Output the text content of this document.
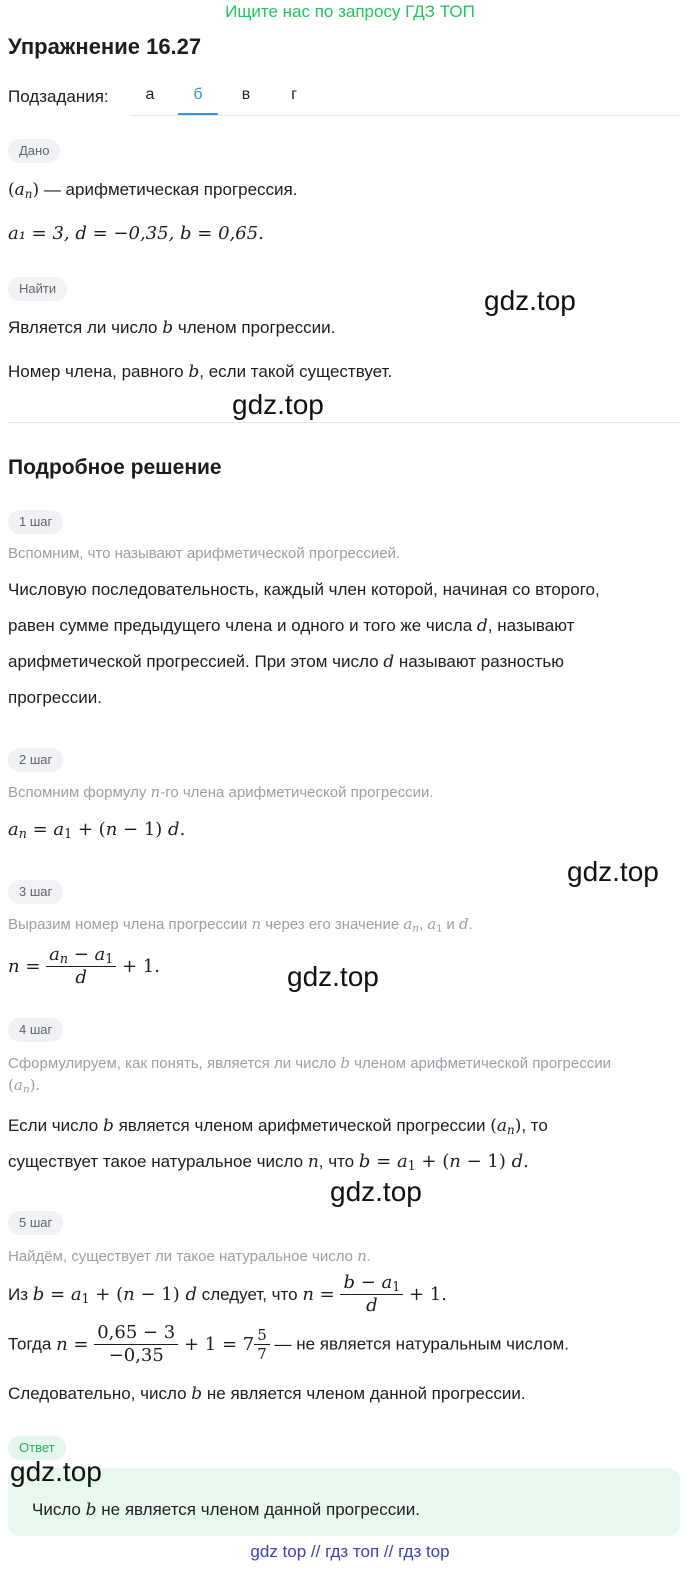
Ищите нас по запросу ГДЗ ТОП
Упражнение 16.27
Подзадания:	а	б	в	г
Дано
$(a_n)$ — арифметическая прогрессия.
a₁ = 3, d = −0,35, b = 0,65.
Найти
Является ли число b членом прогрессии.
Номер члена, равного b, если такой существует.
Подробное решение
1 шаг
Вспомним, что называют арифметической прогрессией.
Числовую последовательность, каждый член которой, начиная со второго,
равен сумме предыдущего члена и одного и того же числа d, называют
арифметической прогрессией. При этом число d называют разностью
прогрессии.
2 шаг
Вспомним формулу n-го члена арифметической прогрессии.
$a_n = a_1 + (n - 1)$ d.
3 шаг
Выразим номер члена прогрессии n через его значение $a_n$, $a_1$ и d.
$n = \frac{a_n - a_1}{d} + 1$.
4 шаг
Сформулируем, как понять, является ли число b членом арифметической прогрессии
$(a_n)$.
Если число b является членом арифметической прогрессии $(a_n)$, то
существует такое натуральное число n, что $b = a_1 + (n - 1)$ d.
5 шаг
Найдём, существует ли такое натуральное число n.
Из $b = a_1 + (n - 1)$ d следует, что $n = \frac{b - a_1}{d} + 1$.
Тогда $n = \frac{0,65 - 3}{-0,35} + 1 = 7 \frac{5}{7}$ — не является натуральным числом.
Следовательно, число b не является членом данной прогрессии.
Ответ
Число b не является членом данной прогрессии.
gdz.top
gdz.top
gdz.top
gdz.top
gdz.top
gdz.top
gdz top // гдз топ // гдз top
